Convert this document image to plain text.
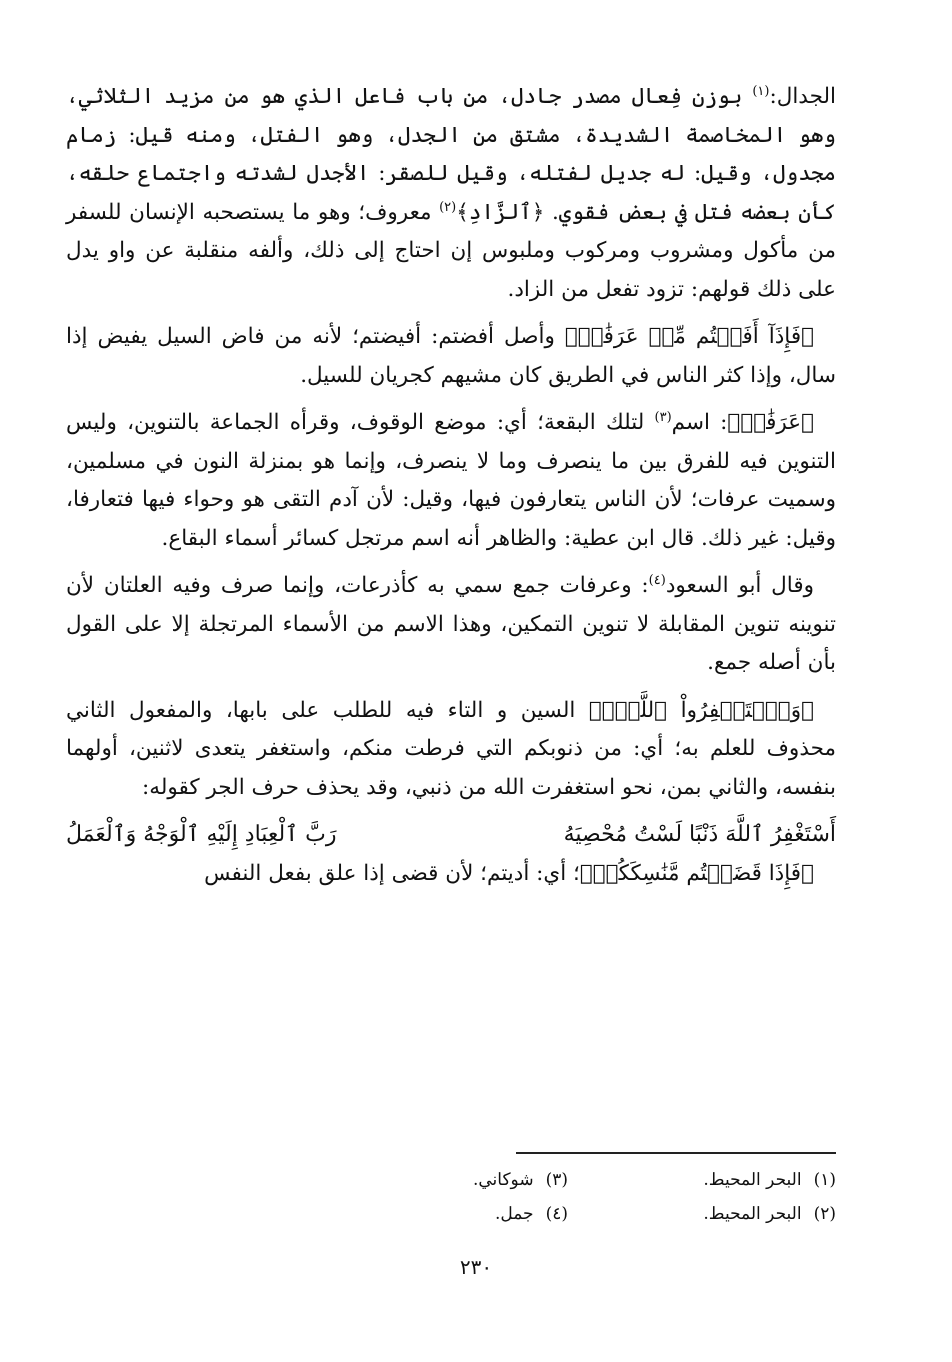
الجدال:$^{(١)}$ بوزن فِعال مصدر جادل، من باب فاعل الذي هو من مزيد الثلاثي، وهو المخاصمة الشديدة، مشتق من الجدل، وهو الفتل، ومنه قيل: زمام مجدول، وقيل: له جديل لفتله، وقيل للصقر: الأجدل لشدته واجتماع حلقه، كأن بعضه فتل في بعض فقوي. ﴿ٱلزَّادِ﴾$^{(٢)}$ معروف؛ وهو ما يستصحبه الإنسان للسفر من مأكول ومشروب ومركوب وملبوس إن احتاج إلى ذلك، وألفه منقلبة عن واو يدل على ذلك قولهم: تزود تفعل من الزاد.

﴿فَإِذَآ أَفَضۡتُم مِّنۡ عَرَفَٰتٖ﴾ وأصل أفضتم: أفيضتم؛ لأنه من فاض السيل يفيض إذا سال، وإذا كثر الناس في الطريق كان مشيهم كجريان للسيل.

﴿عَرَفَٰتٖ﴾: اسم$^{(٣)}$ لتلك البقعة؛ أي: موضع الوقوف، وقرأه الجماعة بالتنوين، وليس التنوين فيه للفرق بين ما ينصرف وما لا ينصرف، وإنما هو بمنزلة النون في مسلمين، وسميت عرفات؛ لأن الناس يتعارفون فيها، وقيل: لأن آدم التقى هو وحواء فيها فتعارفا، وقيل: غير ذلك. قال ابن عطية: والظاهر أنه اسم مرتجل كسائر أسماء البقاع.

وقال أبو السعود$^{(٤)}$: وعرفات جمع سمي به كأذرعات، وإنما صرف وفيه العلتان لأن تنوينه تنوين المقابلة لا تنوين التمكين، وهذا الاسم من الأسماء المرتجلة إلا على القول بأن أصله جمع.

﴿وَٱسۡتَغۡفِرُواْ ٱللَّهَۚ﴾ السين و التاء فيه للطلب على بابها، والمفعول الثاني محذوف للعلم به؛ أي: من ذنوبكم التي فرطت منكم، واستغفر يتعدى لاثنين، أولهما بنفسه، والثاني بمن، نحو استغفرت الله من ذنبي، وقد يحذف حرف الجر كقوله:

أَسْتَغْفِرُ ٱللَّهَ ذَنْبًا لَسْتُ مُحْصِيَهُ
رَبَّ ٱلْعِبَادِ إِلَيْهِ ٱلْوَجْهُ وَٱلْعَمَلُ

﴿فَإِذَا قَضَيۡتُم مَّنَٰسِكَكُمۡ﴾؛ أي: أديتم؛ لأن قضى إذا علق بفعل النفس

(١)البحر المحيط.
(٣)شوكاني.
(٢)البحر المحيط.
(٤)جمل.
٢٣٠
